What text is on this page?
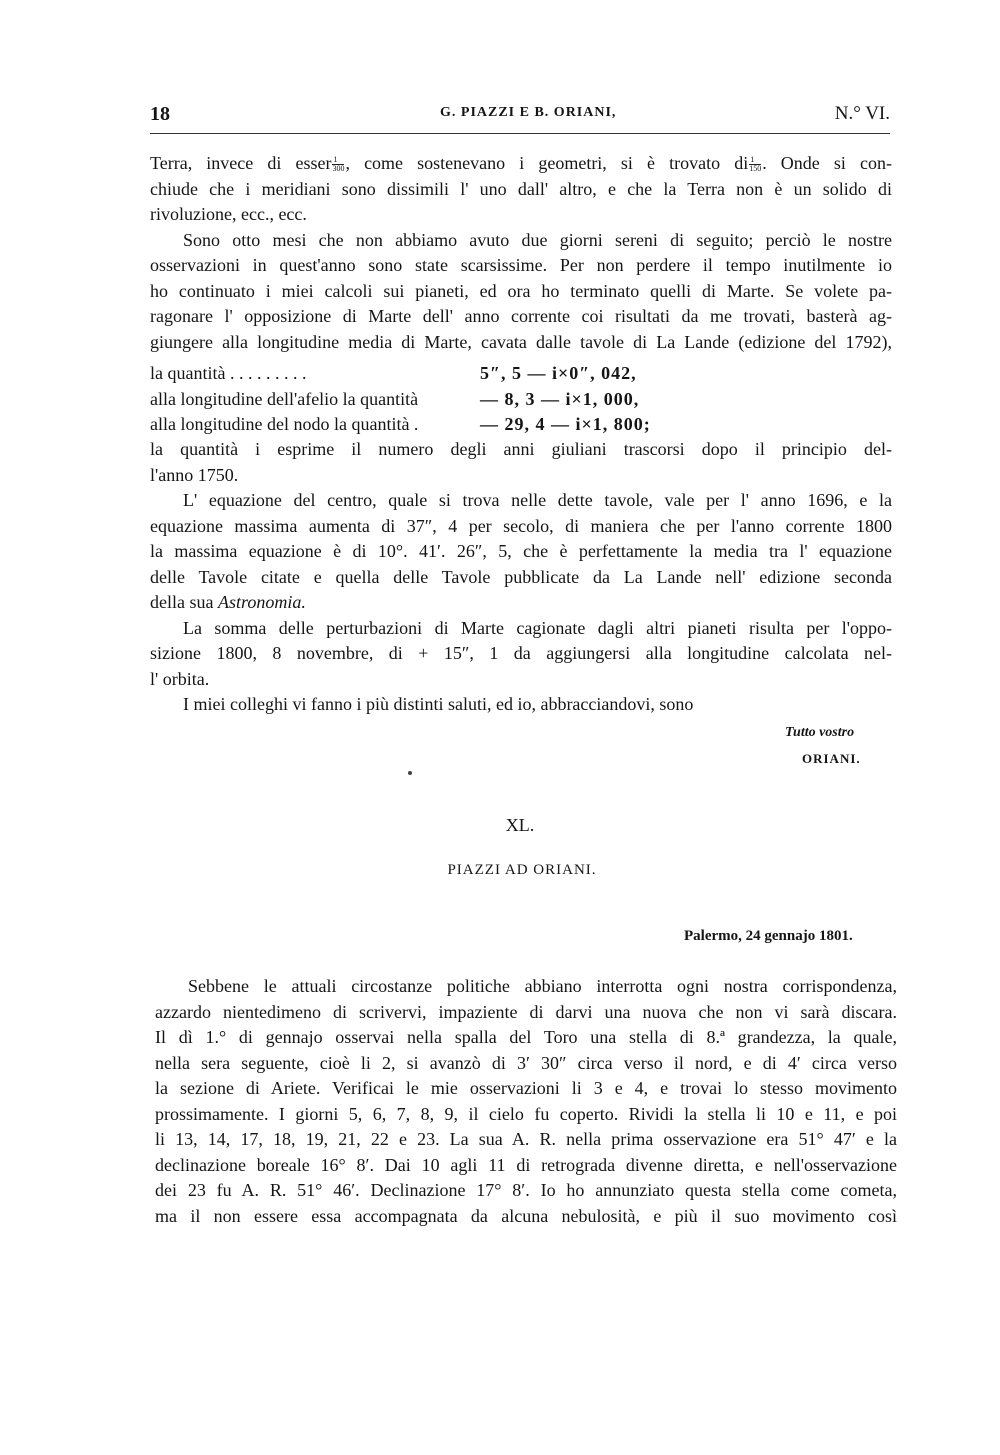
18	G. PIAZZI E B. ORIANI,	N.° VI.
Terra, invece di esser $\frac{1}{300}$ , come sostenevano i geometri, si è trovato di $\frac{1}{150}$ . Onde si con-
chiude che i meridiani sono dissimili l' uno dall' altro, e che la Terra non è un solido di
rivoluzione, ecc., ecc.
Sono otto mesi che non abbiamo avuto due giorni sereni di seguito; perciò le nostre
osservazioni in quest'anno sono state scarsissime. Per non perdere il tempo inutilmente io
ho continuato i miei calcoli sui pianeti, ed ora ho terminato quelli di Marte. Se volete pa-
ragonare l' opposizione di Marte dell' anno corrente coi risultati da me trovati, basterà ag-
giungere alla longitudine media di Marte, cavata dalle tavole di La Lande (edizione del 1792),
la quantità . . . . . . . . .	5″, 5 — i×0″, 042,
alla longitudine dell'afelio la quantità	— 8, 3 — i×1, 000,
alla longitudine del nodo la quantità .	— 29, 4 — i×1, 800;
la quantità i esprime il numero degli anni giuliani trascorsi dopo il principio del-
l'anno 1750.
L' equazione del centro, quale si trova nelle dette tavole, vale per l' anno 1696, e la
equazione massima aumenta di 37″, 4 per secolo, di maniera che per l'anno corrente 1800
la massima equazione è di 10°. 41′. 26″, 5, che è perfettamente la media tra l' equazione
delle Tavole citate e quella delle Tavole pubblicate da La Lande nell' edizione seconda
della sua Astronomia.
La somma delle perturbazioni di Marte cagionate dagli altri pianeti risulta per l'oppo-
sizione 1800, 8 novembre, di + 15″, 1 da aggiungersi alla longitudine calcolata nel-
l' orbita.
I miei colleghi vi fanno i più distinti saluti, ed io, abbracciandovi, sono
Tutto vostro
ORIANI.
XL.
PIAZZI AD ORIANI.
Palermo, 24 gennajo 1801.
Sebbene le attuali circostanze politiche abbiano interrotta ogni nostra corrispondenza,
azzardo nientedimeno di scrivervi, impaziente di darvi una nuova che non vi sarà discara.
Il dì 1.° di gennajo osservai nella spalla del Toro una stella di 8.ª grandezza, la quale,
nella sera seguente, cioè li 2, si avanzò di 3′ 30″ circa verso il nord, e di 4′ circa verso
la sezione di Ariete. Verificai le mie osservazioni li 3 e 4, e trovai lo stesso movimento
prossimamente. I giorni 5, 6, 7, 8, 9, il cielo fu coperto. Rividi la stella li 10 e 11, e poi
li 13, 14, 17, 18, 19, 21, 22 e 23. La sua A. R. nella prima osservazione era 51° 47′ e la
declinazione boreale 16° 8′. Dai 10 agli 11 di retrograda divenne diretta, e nell'osservazione
dei 23 fu A. R. 51° 46′. Declinazione 17° 8′. Io ho annunziato questa stella come cometa,
ma il non essere essa accompagnata da alcuna nebulosità, e più il suo movimento così
